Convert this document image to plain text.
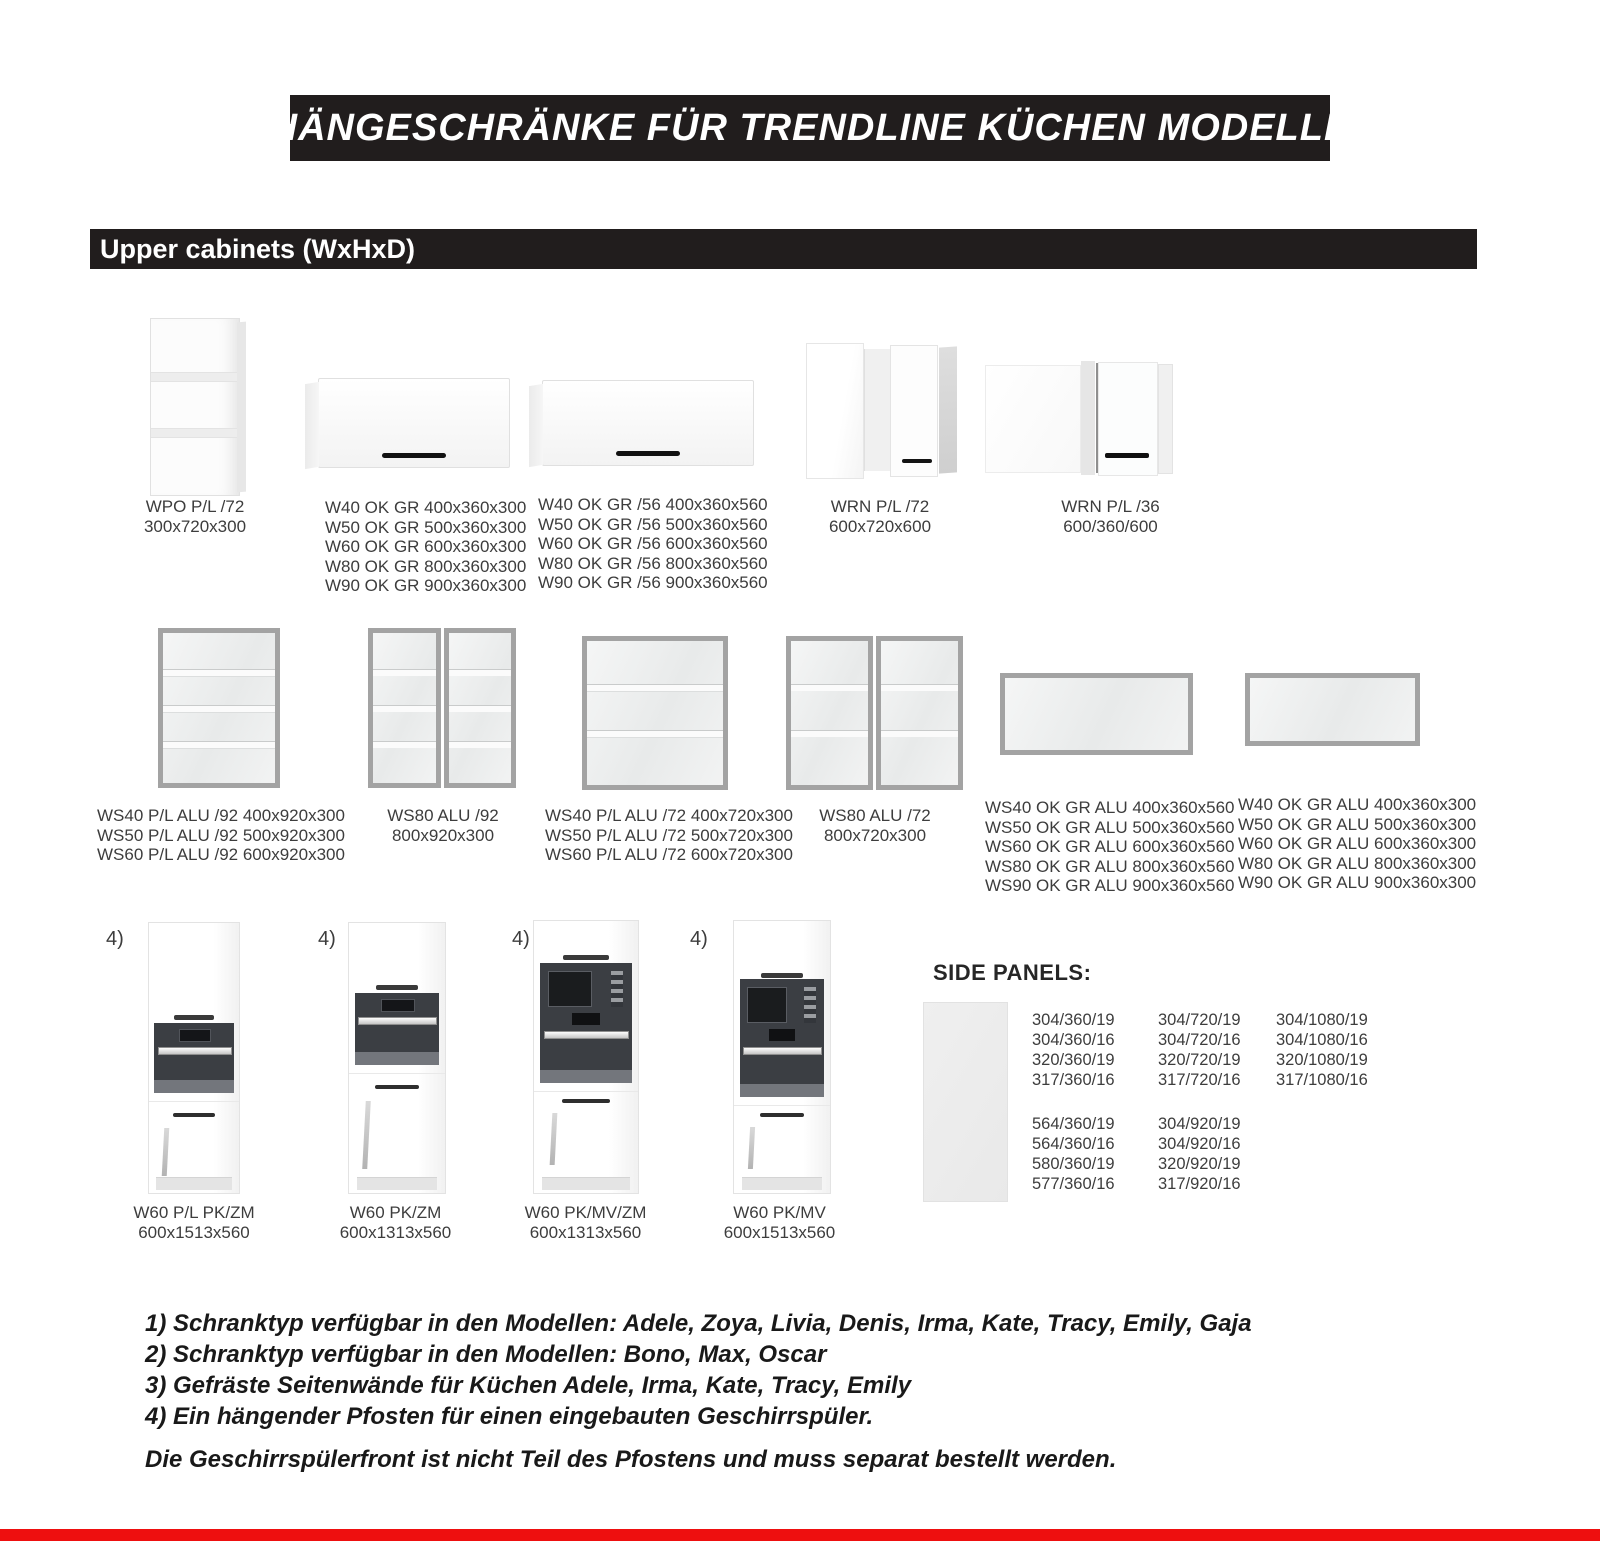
HÄNGESCHRÄNKE FÜR TRENDLINE KÜCHEN MODELLE
Upper cabinets (WxHxD)
WPO P/L /72
300x720x300
W40 OK GR 400x360x300
W50 OK GR 500x360x300
W60 OK GR 600x360x300
W80 OK GR 800x360x300
W90 OK GR 900x360x300
W40 OK GR /56 400x360x560
W50 OK GR /56 500x360x560
W60 OK GR /56 600x360x560
W80 OK GR /56 800x360x560
W90 OK GR /56 900x360x560
WRN P/L /72
600x720x600
WRN P/L /36
600/360/600
WS40 P/L ALU /92 400x920x300
WS50 P/L ALU /92 500x920x300
WS60 P/L ALU /92 600x920x300
WS80 ALU /92
800x920x300
WS40 P/L ALU /72 400x720x300
WS50 P/L ALU /72 500x720x300
WS60 P/L ALU /72 600x720x300
WS80 ALU /72
800x720x300
WS40 OK GR ALU 400x360x560
WS50 OK GR ALU 500x360x560
WS60 OK GR ALU 600x360x560
WS80 OK GR ALU 800x360x560
WS90 OK GR ALU 900x360x560
W40 OK GR ALU 400x360x300
W50 OK GR ALU 500x360x300
W60 OK GR ALU 600x360x300
W80 OK GR ALU 800x360x300
W90 OK GR ALU 900x360x300
4)
W60 P/L PK/ZM
600x1513x560
4)
W60 PK/ZM
600x1313x560
4)
W60 PK/MV/ZM
600x1313x560
4)
W60 PK/MV
600x1513x560
SIDE PANELS:
304/360/19
304/360/16
320/360/19
317/360/16
304/720/19
304/720/16
320/720/19
317/720/16
304/1080/19
304/1080/16
320/1080/19
317/1080/16
564/360/19
564/360/16
580/360/19
577/360/16
304/920/19
304/920/16
320/920/19
317/920/16
1) Schranktyp verfügbar in den Modellen: Adele, Zoya, Livia, Denis, Irma, Kate, Tracy, Emily, Gaja
2) Schranktyp verfügbar in den Modellen: Bono, Max, Oscar
3) Gefräste Seitenwände für Küchen Adele, Irma, Kate, Tracy, Emily
4) Ein hängender Pfosten für einen eingebauten Geschirrspüler.
Die Geschirrspülerfront ist nicht Teil des Pfostens und muss separat bestellt werden.
